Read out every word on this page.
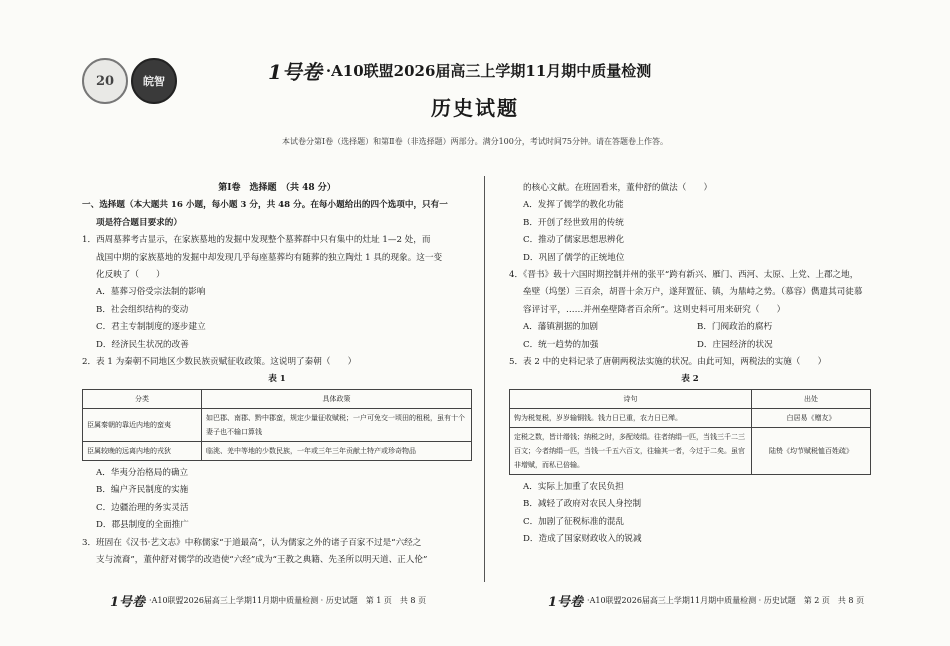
20	皖智	1号卷 ·A10联盟2026届高三上学期11月期中质量检测
历史试题
本试卷分第Ⅰ卷（选择题）和第Ⅱ卷（非选择题）两部分。满分100分，考试时间75分钟。请在答题卷上作答。

第Ⅰ卷　选择题　（共 48 分）

一、选择题（本大题共 16 小题，每小题 3 分，共 48 分。在每小题给出的四个选项中，只有一

项是符合题目要求的）

1．西周墓葬考古显示，在家族墓地的发掘中发现整个墓葬群中只有集中的灶址 1—2 处，而

战国中期的家族墓地的发掘中却发现几乎每座墓葬均有随葬的独立陶灶 1 具的现象。这一变

化反映了（　　）

A．墓葬习俗受宗法制的影响

B．社会组织结构的变动

C．君主专制制度的逐步建立

D．经济民生状况的改善

2．表 1 为秦朝不同地区少数民族贡赋征收政策。这说明了秦朝（　　）

表 1

分类	具体政策
臣属秦朝的靠近内地的蛮夷	如巴郡、南郡、黔中郡蛮，规定少量征收赋税；一户可免交一顷田的租税，虽有十个妻子也不输口算钱
臣属较晚的远离内地的戎狄	临洮、羌中等地的少数民族，一年或三年三年贡献土特产或珍奇物品

A．华夷分治格局的确立

B．编户齐民制度的实施

C．边疆治理的务实灵活

D．郡县制度的全面推广

3．班固在《汉书·艺文志》中称儒家“于道最高”，认为儒家之外的诸子百家不过是“六经之

支与流裔”，董仲舒对儒学的改造使“六经”成为“王教之典籍、先圣所以明天道、正人伦”

1号卷 ·A10联盟2026届高三上学期11月期中质量检测 · 历史试题　第 1 页　共 8 页

的核心文献。在班固看来，董仲舒的做法（　　）

A．发挥了儒学的教化功能

B．开创了经世致用的传统

C．推动了儒家思想思辨化

D．巩固了儒学的正统地位

4．《晋书》载十六国时期控制并州的张平“跨有新兴、雁门、西河、太原、上党、上郡之地，

垒壁（坞堡）三百余，胡晋十余万户，遂拜置征、镇，为鼎峙之势。（慕容）儁遣其司徒慕

容评讨平，……并州垒壁降者百余所”。这则史料可用来研究（　　）

A．藩镇割据的加剧	B．门阀政治的腐朽
C．统一趋势的加强	D．庄园经济的状况

5．表 2 中的史料记录了唐朝两税法实施的状况。由此可知，两税法的实施（　　）

表 2

诗句	出处
钩为税复税，岁岁输铜钱。钱力日已重，农力日已殚。	白居易《赠友》
定税之数，皆计缗钱；纳税之时，多配绫绢。往者纳绢一匹，当钱三千二三百文；今者纳绢一匹，当钱一千五六百文，往输其一者，今过于二矣。虽官非增赋，而私已倍输。	陆贽《均节赋税恤百姓疏》

A．实际上加重了农民负担

B．减轻了政府对农民人身控制

C．加剧了征税标准的混乱

D．造成了国家财政收入的锐减

1号卷 ·A10联盟2026届高三上学期11月期中质量检测 · 历史试题　第 2 页　共 8 页
